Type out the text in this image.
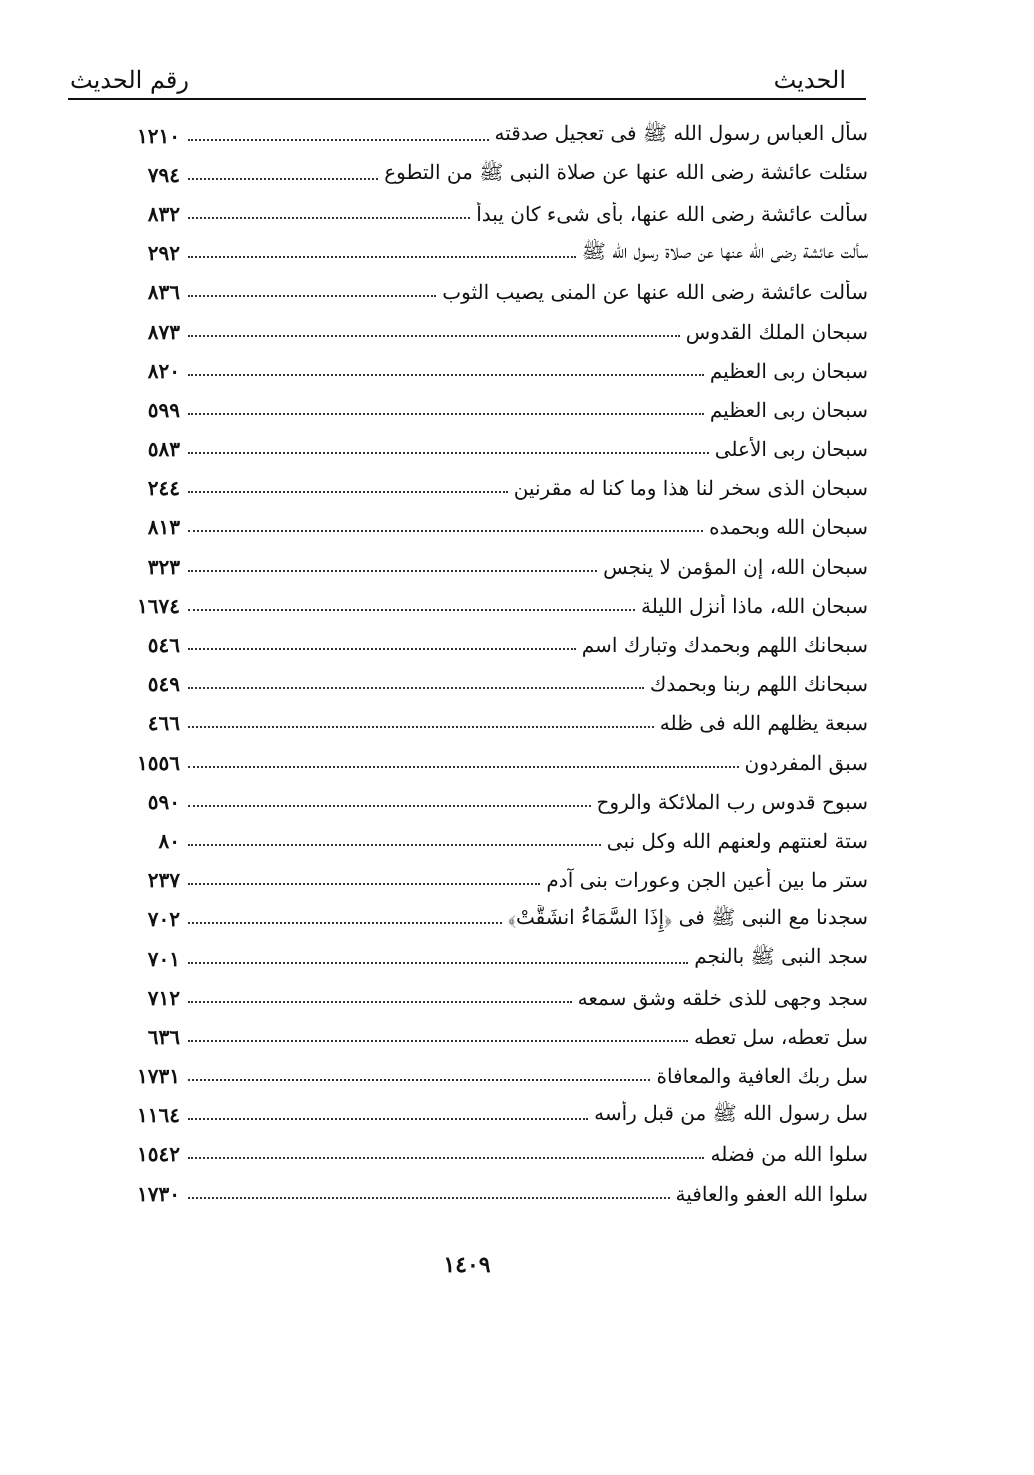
الحديث
رقم الحديث
١٢١٠	سأل العباس رسول الله ﷺ فى تعجيل صدقته
٧٩٤	سئلت عائشة رضى الله عنها عن صلاة النبى ﷺ من التطوع
٨٣٢	سألت عائشة رضى الله عنها، بأى شىء كان يبدأ
٢٩٢	سألت عائشة رضى الله عنها عن صلاة رسول الله ﷺ
٨٣٦	سألت عائشة رضى الله عنها عن المنى يصيب الثوب
٨٧٣	سبحان الملك القدوس
٨٢٠	سبحان ربى العظيم
٥٩٩	سبحان ربى العظيم
٥٨٣	سبحان ربى الأعلى
٢٤٤	سبحان الذى سخر لنا هذا وما كنا له مقرنين
٨١٣	سبحان الله وبحمده
٣٢٣	سبحان الله، إن المؤمن لا ينجس
١٦٧٤	سبحان الله، ماذا أُنزل الليلة
٥٤٦	سبحانك اللهم وبحمدك وتبارك اسم
٥٤٩	سبحانك اللهم ربنا وبحمدك
٤٦٦	سبعة يظلهم الله فى ظله
١٥٥٦	سبق المفردون
٥٩٠	سبوح قدوس رب الملائكة والروح
٨٠	ستة لعنتهم ولعنهم الله وكل نبى
٢٣٧	ستر ما بين أعين الجن وعورات بنى آدم
٧٠٢	سجدنا مع النبى ﷺ فى ﴿إِذَا السَّمَاءُ انشَقَّتْ﴾
٧٠١	سجد النبى ﷺ بالنجم
٧١٢	سجد وجهى للذى خلقه وشق سمعه
٦٣٦	سل تعطه، سل تعطه
١٧٣١	سل ربك العافية والمعافاة
١١٦٤	سل رسول الله ﷺ من قبل رأسه
١٥٤٢	سلوا الله من فضله
١٧٣٠	سلوا الله العفو والعافية
١٤٠٩
